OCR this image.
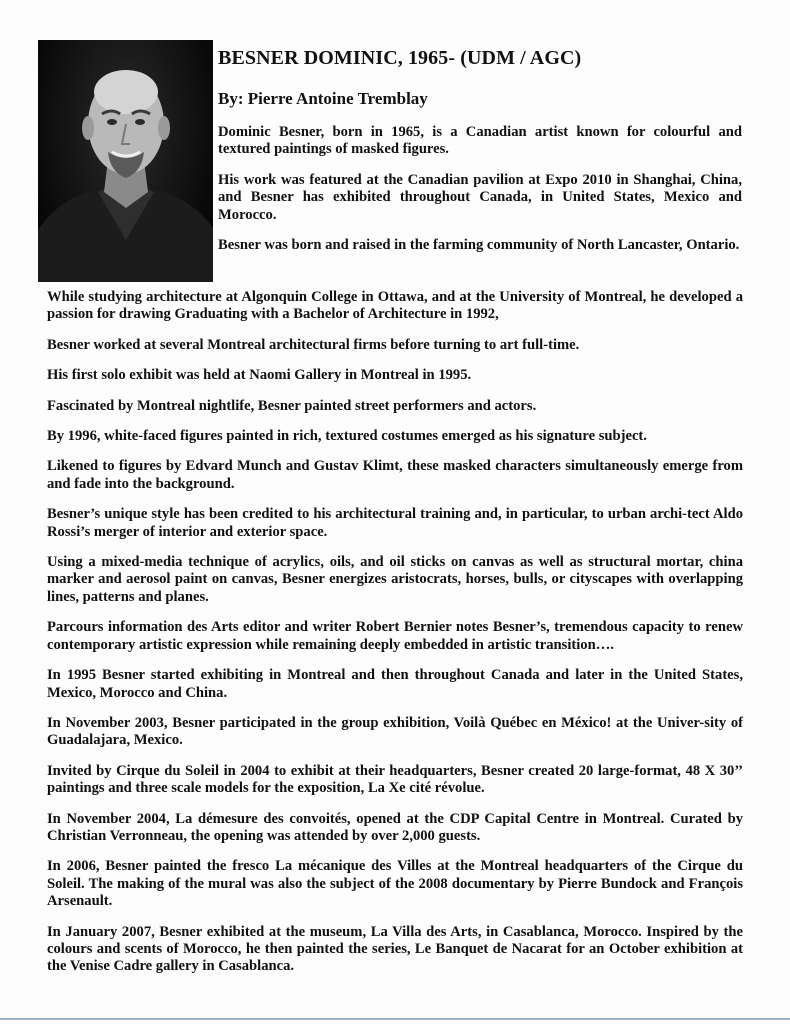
BESNER DOMINIC, 1965- (UDM / AGC)
By: Pierre Antoine Tremblay

Dominic Besner, born in 1965, is a Canadian artist known for colourful and textured paintings of masked figures.

His work was featured at the Canadian pavilion at Expo 2010 in Shanghai, China, and Besner has exhibited throughout Canada, in United States, Mexico and Morocco.

Besner was born and raised in the farming community of North Lancaster, Ontario.

While studying architecture at Algonquin College in Ottawa, and at the University of Montreal, he developed a passion for drawing Graduating with a Bachelor of Architecture in 1992,

Besner worked at several Montreal architectural firms before turning to art full-time.

His first solo exhibit was held at Naomi Gallery in Montreal in 1995.

Fascinated by Montreal nightlife, Besner painted street performers and actors.

By 1996, white-faced figures painted in rich, textured costumes emerged as his signature subject.

Likened to figures by Edvard Munch and Gustav Klimt, these masked characters simultaneously emerge from and fade into the background.

Besner’s unique style has been credited to his architectural training and, in particular, to urban archi-tect Aldo Rossi’s merger of interior and exterior space.

Using a mixed-media technique of acrylics, oils, and oil sticks on canvas as well as structural mortar, china marker and aerosol paint on canvas, Besner energizes aristocrats, horses, bulls, or cityscapes with overlapping lines, patterns and planes.

Parcours information des Arts editor and writer Robert Bernier notes Besner’s, tremendous capacity to renew contemporary artistic expression while remaining deeply embedded in artistic transition….

In 1995 Besner started exhibiting in Montreal and then throughout Canada and later in the United States, Mexico, Morocco and China.

In November 2003, Besner participated in the group exhibition, Voilà Québec en México! at the Univer-sity of Guadalajara, Mexico.

Invited by Cirque du Soleil in 2004 to exhibit at their headquarters, Besner created 20 large-format, 48 X 30’’ paintings and three scale models for the exposition, La Xe cité révolue.

In November 2004, La démesure des convoités, opened at the CDP Capital Centre in Montreal. Curated by Christian Verronneau, the opening was attended by over 2,000 guests.

In 2006, Besner painted the fresco La mécanique des Villes at the Montreal headquarters of the Cirque du Soleil. The making of the mural was also the subject of the 2008 documentary by Pierre Bundock and François Arsenault.

In January 2007, Besner exhibited at the museum, La Villa des Arts, in Casablanca, Morocco. Inspired by the colours and scents of Morocco, he then painted the series, Le Banquet de Nacarat for an October exhibition at the Venise Cadre gallery in Casablanca.
